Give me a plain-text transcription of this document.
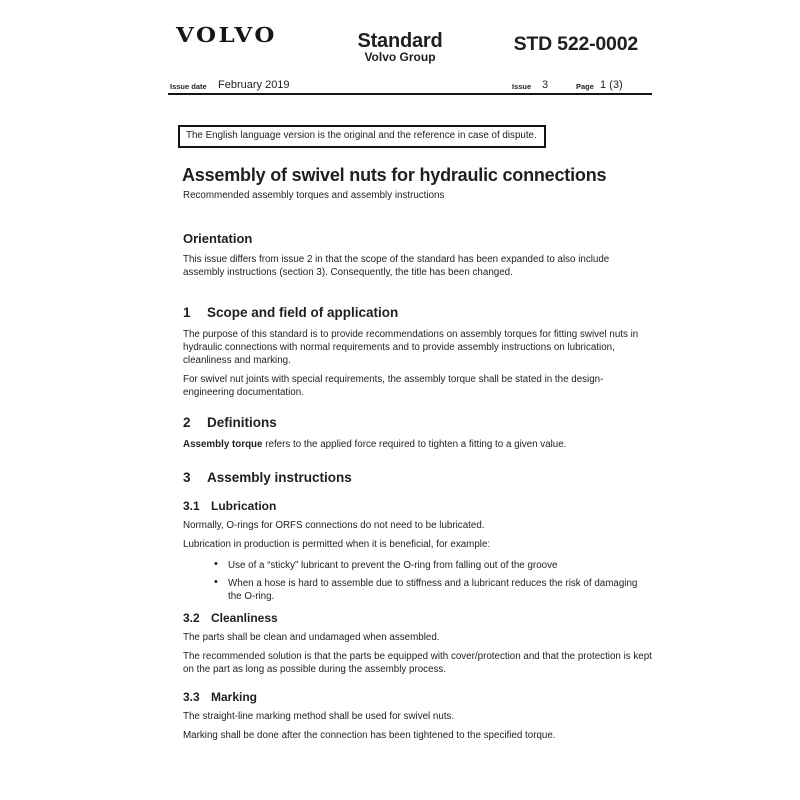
VOLVO	Standard
Volvo Group
STD 522-0002
Issue date February 2019	Issue 3	Page 1 (3)
The English language version is the original and the reference in case of dispute.
Assembly of swivel nuts for hydraulic connections
Recommended assembly torques and assembly instructions
Orientation

This issue differs from issue 2 in that the scope of the standard has been expanded to also include assembly instructions (section 3). Consequently, the title has been changed.

1 Scope and field of application

The purpose of this standard is to provide recommendations on assembly torques for fitting swivel nuts in hydraulic connections with normal requirements and to provide assembly instructions on lubrication, cleanliness and marking.

For swivel nut joints with special requirements, the assembly torque shall be stated in the design-engineering documentation.

2 Definitions

Assembly torque refers to the applied force required to tighten a fitting to a given value.

3 Assembly instructions
3.1 Lubrication

Normally, O-rings for ORFS connections do not need to be lubricated.

Lubrication in production is permitted when it is beneficial, for example:

• Use of a “sticky” lubricant to prevent the O-ring from falling out of the groove
• When a hose is hard to assemble due to stiffness and a lubricant reduces the risk of damaging the O-ring.
3.2 Cleanliness

The parts shall be clean and undamaged when assembled.

The recommended solution is that the parts be equipped with cover/protection and that the protection is kept on the part as long as possible during the assembly process.

3.3 Marking

The straight-line marking method shall be used for swivel nuts.

Marking shall be done after the connection has been tightened to the specified torque.
